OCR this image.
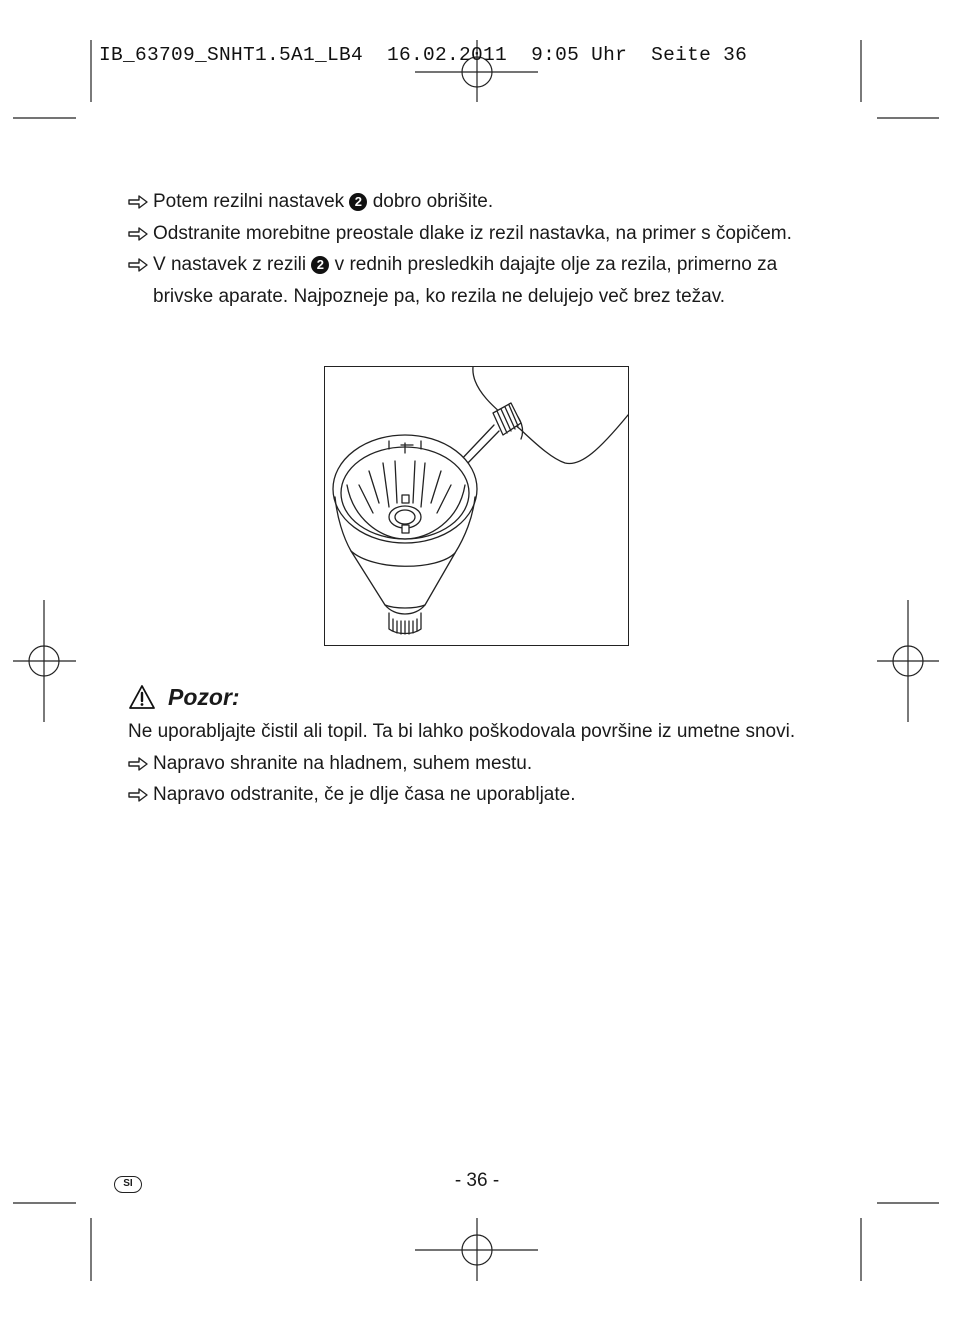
IB_63709_SNHT1.5A1_LB4  16.02.2011  9:05 Uhr  Seite 36

Potem rezilni nastavek 2 dobro obrišite.

Odstranite morebitne preostale dlake iz rezil nastavka, na primer s čopičem.

V nastavek z rezili 2 v rednih presledkih dajajte olje za rezila, primerno za brivske aparate. Najpozneje pa, ko rezila ne delujejo več brez težav.

Pozor:

Ne uporabljajte čistil ali topil. Ta bi lahko poškodovala površine iz umetne snovi.

Napravo shranite na hladnem, suhem mestu.

Napravo odstranite, če je dlje časa ne uporabljate.

SI	- 36 -
